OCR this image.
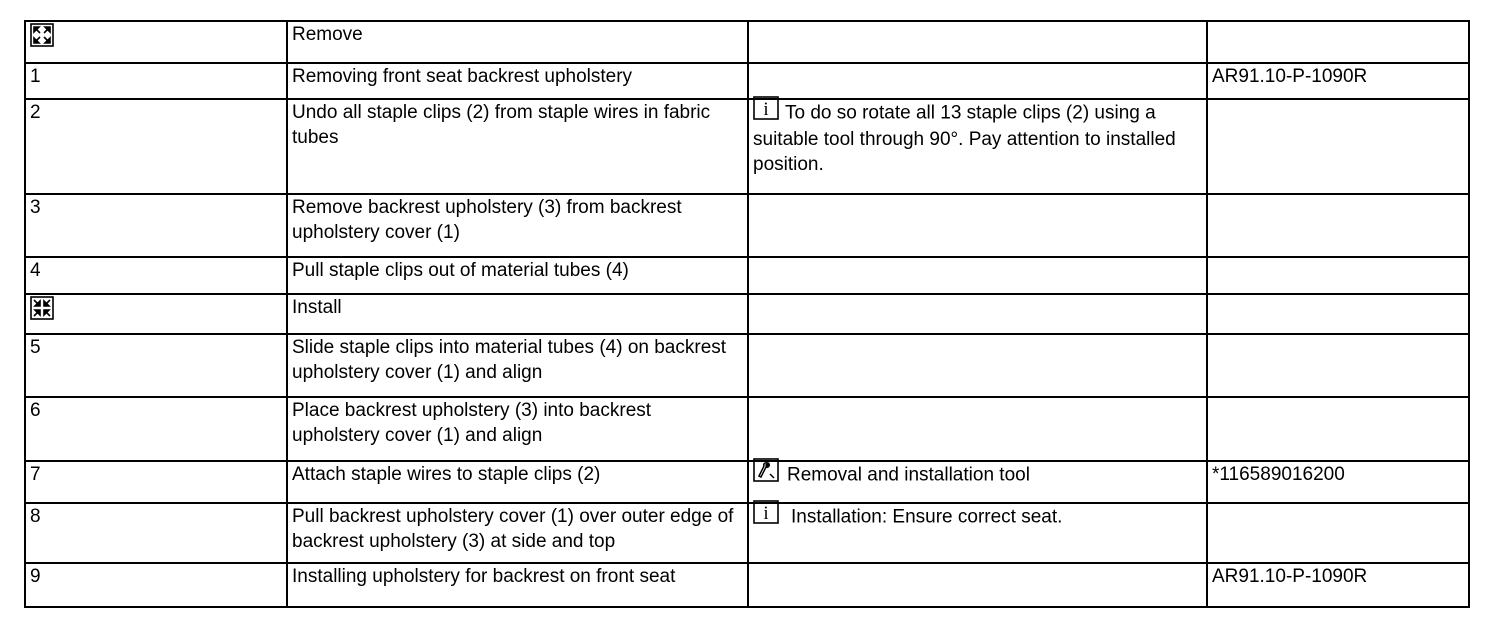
	Remove		
1	Removing front seat backrest upholstery		AR91.10-P-1090R
2	Undo all staple clips (2) from staple wires in fabric tubes	i To do so rotate all 13 staple clips (2) using a suitable tool through 90°. Pay attention to installed position.	
3	Remove backrest upholstery (3) from backrest upholstery cover (1)		
4	Pull staple clips out of material tubes (4)		
	Install		
5	Slide staple clips into material tubes (4) on backrest upholstery cover (1) and align		
6	Place backrest upholstery (3) into backrest upholstery cover (1) and align		
7	Attach staple wires to staple clips (2)	Removal and installation tool	*116589016200
8	Pull backrest upholstery cover (1) over outer edge of backrest upholstery (3) at side and top	i Installation: Ensure correct seat.	
9	Installing upholstery for backrest on front seat		AR91.10-P-1090R
